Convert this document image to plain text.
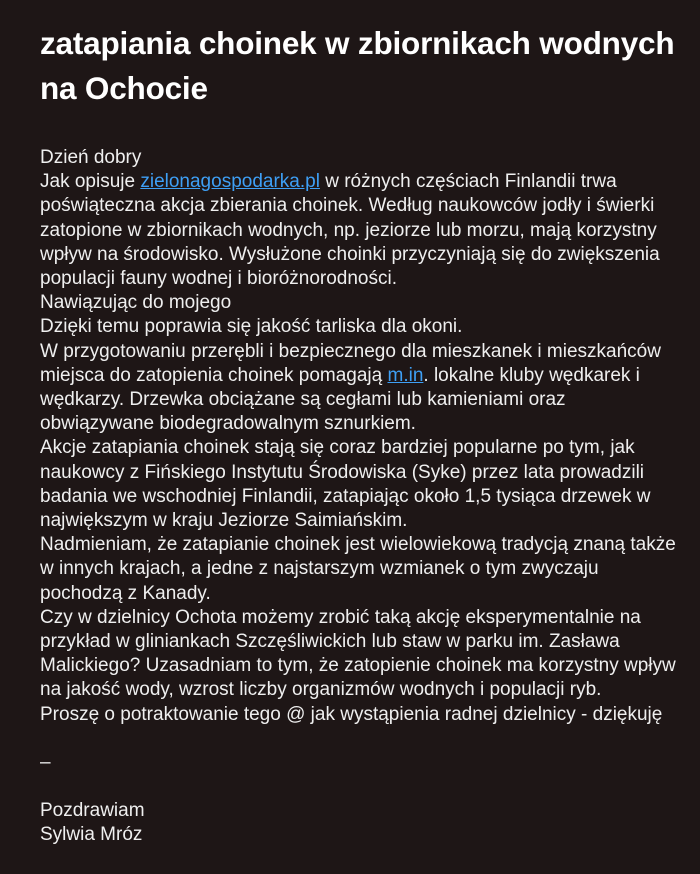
zatapiania choinek w zbiornikach wodnych na Ochocie

Dzień dobry

Jak opisuje zielonagospodarka.pl w różnych częściach Finlandii trwa poświąteczna akcja zbierania choinek. Według naukowców jodły i świerki zatopione w zbiornikach wodnych, np. jeziorze lub morzu, mają korzystny wpływ na środowisko. Wysłużone choinki przyczyniają się do zwiększenia populacji fauny wodnej i bioróżnorodności.

Nawiązując do mojego

Dzięki temu poprawia się jakość tarliska dla okoni.

W przygotowaniu przerębli i bezpiecznego dla mieszkanek i mieszkańców miejsca do zatopienia choinek pomagają m.in. lokalne kluby wędkarek i wędkarzy. Drzewka obciążane są cegłami lub kamieniami oraz obwiązywane biodegradowalnym sznurkiem.

Akcje zatapiania choinek stają się coraz bardziej popularne po tym, jak naukowcy z Fińskiego Instytutu Środowiska (Syke) przez lata prowadzili badania we wschodniej Finlandii, zatapiając około 1,5 tysiąca drzewek w największym w kraju Jeziorze Saimiańskim.

Nadmieniam, że zatapianie choinek jest wielowiekową tradycją znaną także w innych krajach, a jedne z najstarszym wzmianek o tym zwyczaju pochodzą z Kanady.

Czy w dzielnicy Ochota możemy zrobić taką akcję eksperymentalnie na przykład w gliniankach Szczęśliwickich lub staw w parku im. Zasława Malickiego? Uzasadniam to tym, że zatopienie choinek ma korzystny wpływ na jakość wody, wzrost liczby organizmów wodnych i populacji ryb.

Proszę o potraktowanie tego @ jak wystąpienia radnej dzielnicy - dziękuję

–

Pozdrawiam

Sylwia Mróz
